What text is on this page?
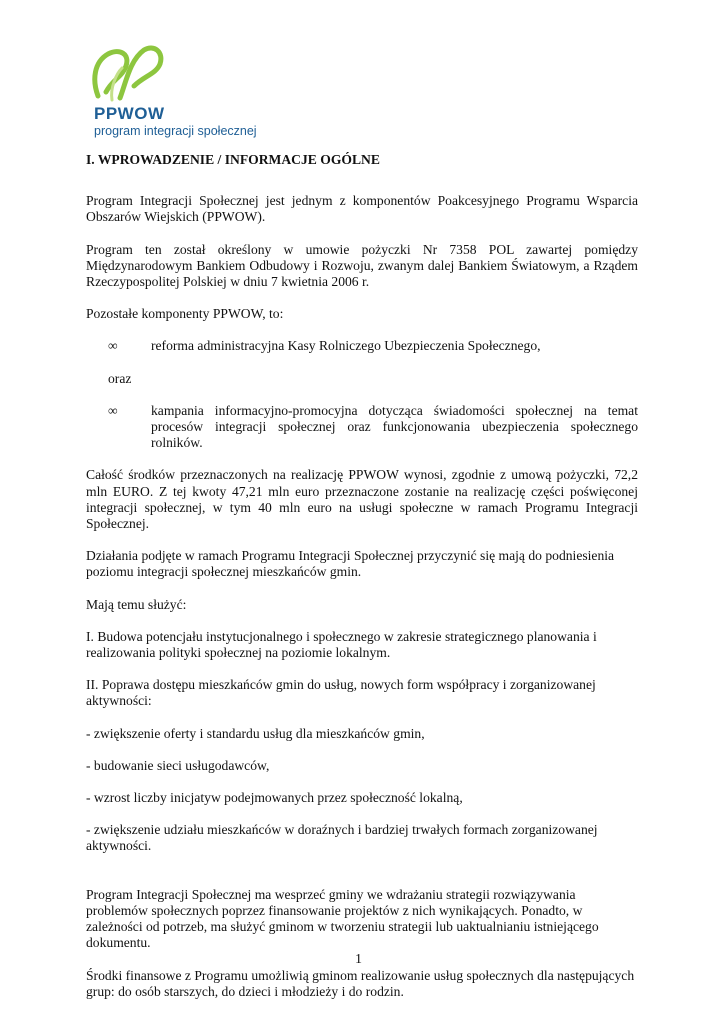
PPWOW
program integracji społecznej
I. WPROWADZENIE / INFORMACJE OGÓLNE

Program Integracji Społecznej jest jednym z komponentów Poakcesyjnego Programu Wsparcia Obszarów Wiejskich (PPWOW).

Program ten został określony w umowie pożyczki Nr 7358 POL zawartej pomiędzy Międzynarodowym Bankiem Odbudowy i Rozwoju, zwanym dalej Bankiem Światowym, a Rządem Rzeczypospolitej Polskiej w dniu 7 kwietnia 2006 r.

Pozostałe komponenty PPWOW, to:

∞ reforma administracyjna Kasy Rolniczego Ubezpieczenia Społecznego,

oraz

∞ kampania informacyjno-promocyjna dotycząca świadomości społecznej na temat procesów integracji społecznej oraz funkcjonowania ubezpieczenia społecznego rolników.

Całość środków przeznaczonych na realizację PPWOW wynosi, zgodnie z umową pożyczki, 72,2 mln EURO. Z tej kwoty 47,21 mln euro przeznaczone zostanie na realizację części poświęconej integracji społecznej, w tym 40 mln euro na usługi społeczne w ramach Programu Integracji Społecznej.

Działania podjęte w ramach Programu Integracji Społecznej przyczynić się mają do podniesienia poziomu integracji społecznej mieszkańców gmin.

Mają temu służyć:

I. Budowa potencjału instytucjonalnego i społecznego w zakresie strategicznego planowania i realizowania polityki społecznej na poziomie lokalnym.

II. Poprawa dostępu mieszkańców gmin do usług, nowych form współpracy i zorganizowanej aktywności:

- zwiększenie oferty i standardu usług dla mieszkańców gmin,

- budowanie sieci usługodawców,

- wzrost liczby inicjatyw podejmowanych przez społeczność lokalną,

- zwiększenie udziału mieszkańców w doraźnych i bardziej trwałych formach zorganizowanej aktywności.

Program Integracji Społecznej ma wesprzeć gminy we wdrażaniu strategii rozwiązywania problemów społecznych poprzez finansowanie projektów z nich wynikających. Ponadto, w zależności od potrzeb, ma służyć gminom w tworzeniu strategii lub uaktualnianiu istniejącego dokumentu.

Środki finansowe z Programu umożliwią gminom realizowanie usług społecznych dla następujących grup: do osób starszych, do dzieci i młodzieży i do rodzin.

1
